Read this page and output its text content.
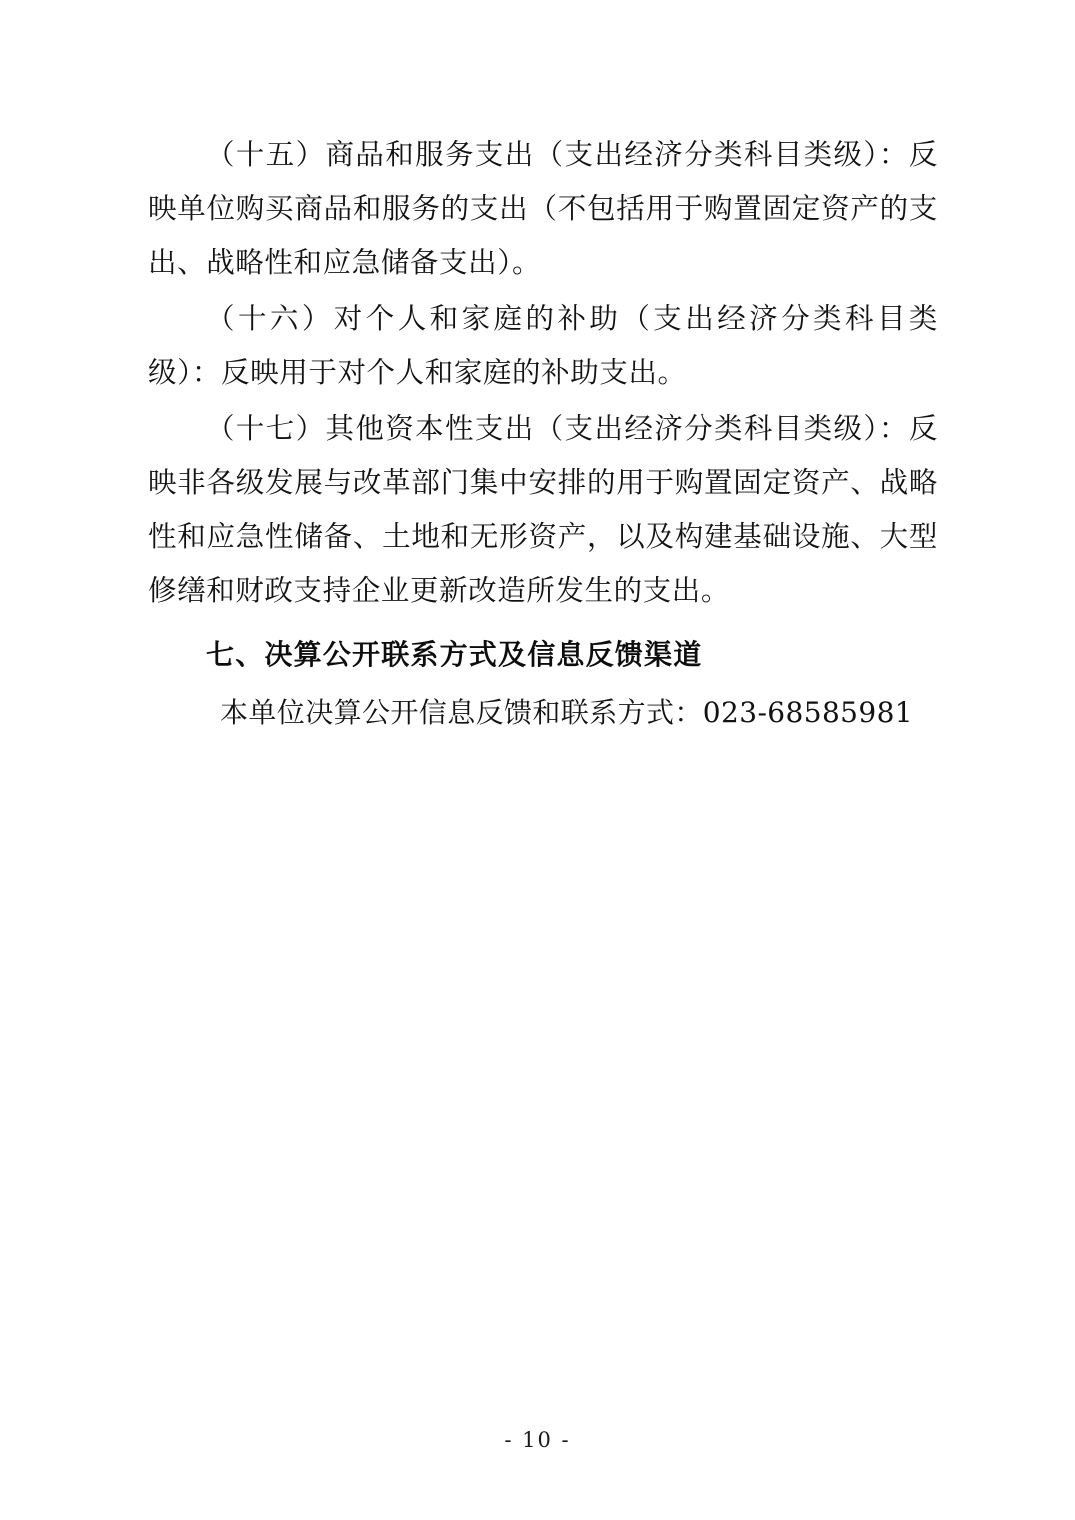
（十五）商品和服务支出（支出经济分类科目类级）：反映单位购买商品和服务的支出（不包括用于购置固定资产的支出、战略性和应急储备支出）。

（十六）对个人和家庭的补助（支出经济分类科目类级）：反映用于对个人和家庭的补助支出。

（十七）其他资本性支出（支出经济分类科目类级）：反映非各级发展与改革部门集中安排的用于购置固定资产、战略性和应急性储备、土地和无形资产，以及构建基础设施、大型修缮和财政支持企业更新改造所发生的支出。

七、决算公开联系方式及信息反馈渠道

本单位决算公开信息反馈和联系方式：023-68585981

- 10 -
